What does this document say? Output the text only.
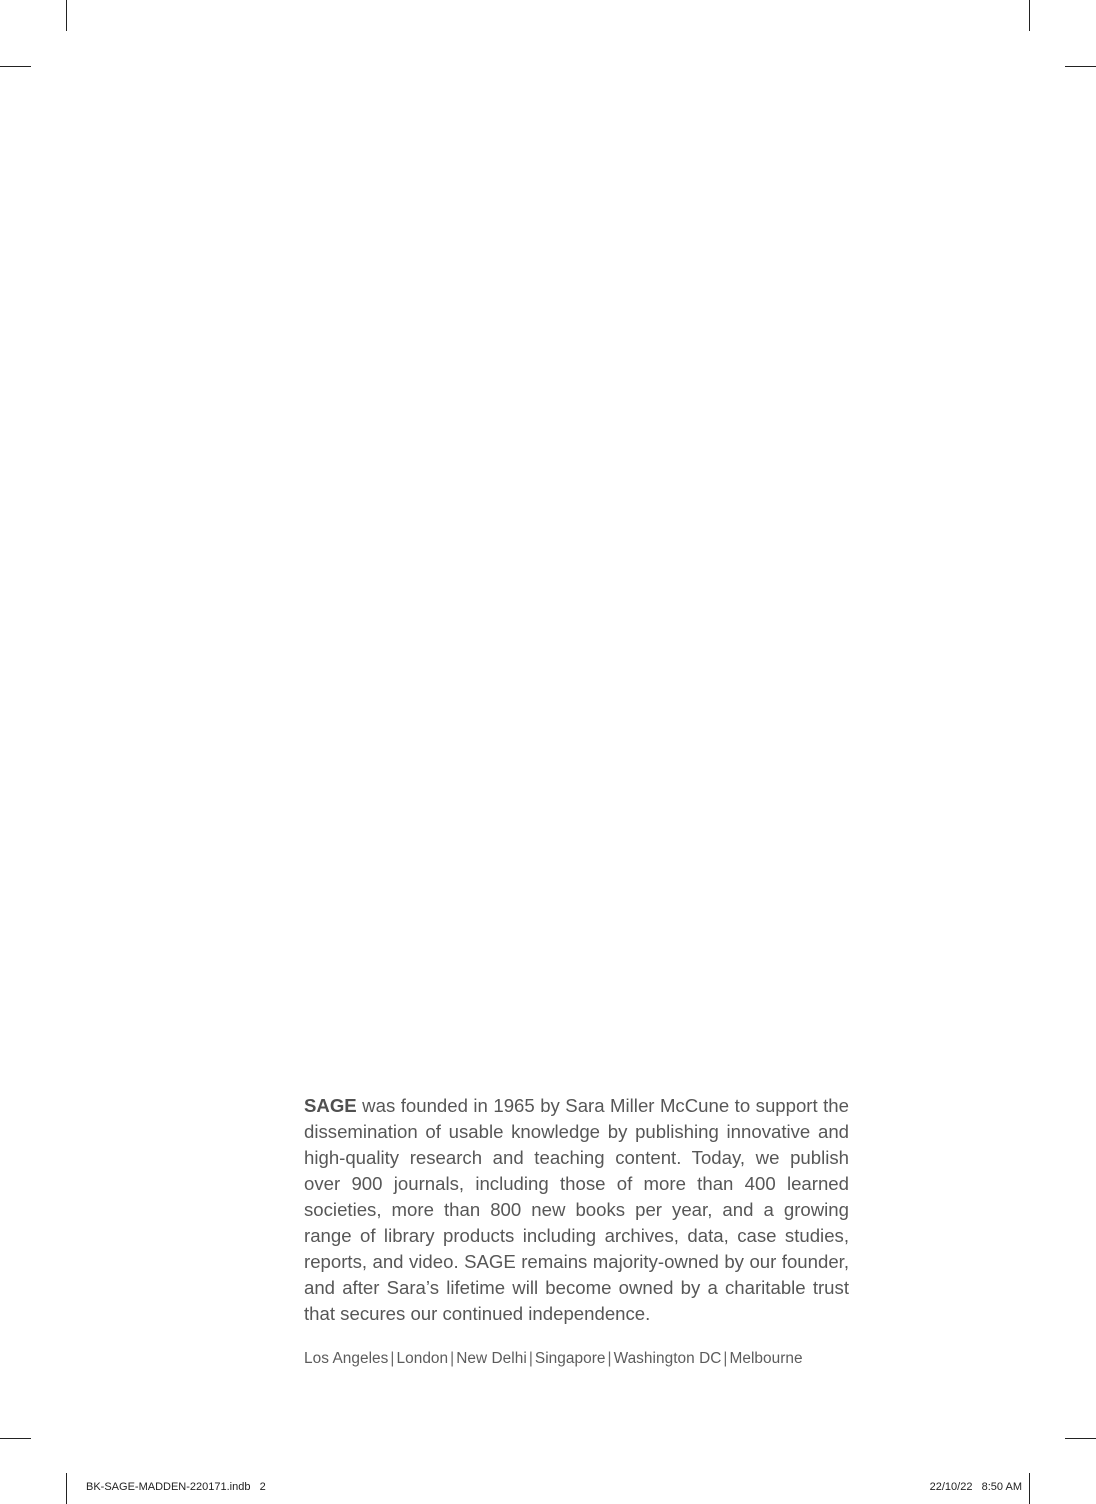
SAGE was founded in 1965 by Sara Miller McCune to support the dissemination of usable knowledge by publishing innovative and high-quality research and teaching content. Today, we publish over 900 journals, including those of more than 400 learned societies, more than 800 new books per year, and a growing range of library products including archives, data, case studies, reports, and video. SAGE remains majority-owned by our founder, and after Sara’s lifetime will become owned by a charitable trust that secures our continued independence.

Los Angeles | London | New Delhi | Singapore | Washington DC | Melbourne

BK-SAGE-MADDEN-220171.indb   2	22/10/22   8:50 AM
